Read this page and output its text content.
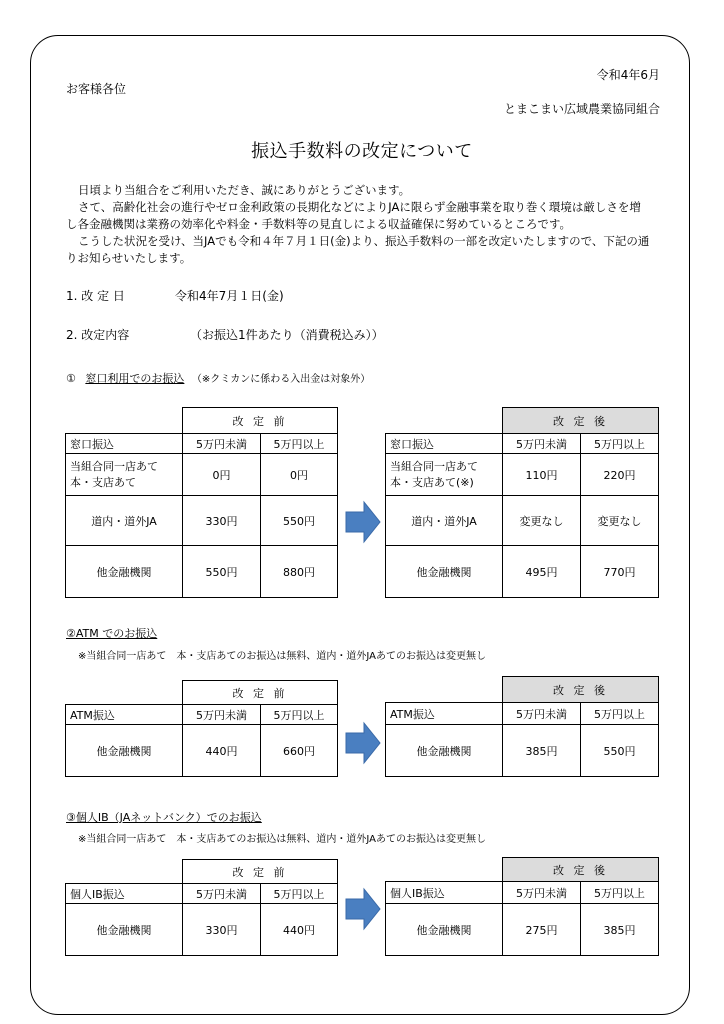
令和4年6月
お客様各位
とまこまい広域農業協同組合
振込手数料の改定について
日頃より当組合をご利用いただき、誠にありがとうございます。
さて、高齢化社会の進行やゼロ金利政策の長期化などによりJAに限らず金融事業を取り巻く環境は厳しさを増し各金融機関は業務の効率化や料金・手数料等の見直しによる収益確保に努めているところです。
こうした状況を受け、当JAでも令和４年７月１日(金)より、振込手数料の一部を改定いたしますので、下記の通りお知らせいたします。
1. 改 定 日	令和4年7月１日(金)
2. 改定内容	（お振込1件あたり（消費税込み））
① 窓口利用でのお振込 （※クミカンに係わる入出金は対象外）
	改 定 前	
窓口振込	5万円未満	5万円以上

当組合同一店あて
本・支店あて	0円	0円
道内・道外JA	330円	550円
他金融機関	550円	880円
	改 定 後	
窓口振込	5万円未満	5万円以上

当組合同一店あて
本・支店あて(※)	110円	220円
道内・道外JA	変更なし	変更なし
他金融機関	495円	770円
②ATM でのお振込
※当組合同一店あて　本・支店あてのお振込は無料、道内・道外JAあてのお振込は変更無し
	改 定 前	
ATM振込	5万円未満	5万円以上
他金融機関	440円	660円
	改 定 後	
ATM振込	5万円未満	5万円以上
他金融機関	385円	550円
③個人IB（JAネットバンク）でのお振込
※当組合同一店あて　本・支店あてのお振込は無料、道内・道外JAあてのお振込は変更無し
	改 定 前	
個人IB振込	5万円未満	5万円以上
他金融機関	330円	440円
	改 定 後	
個人IB振込	5万円未満	5万円以上
他金融機関	275円	385円
